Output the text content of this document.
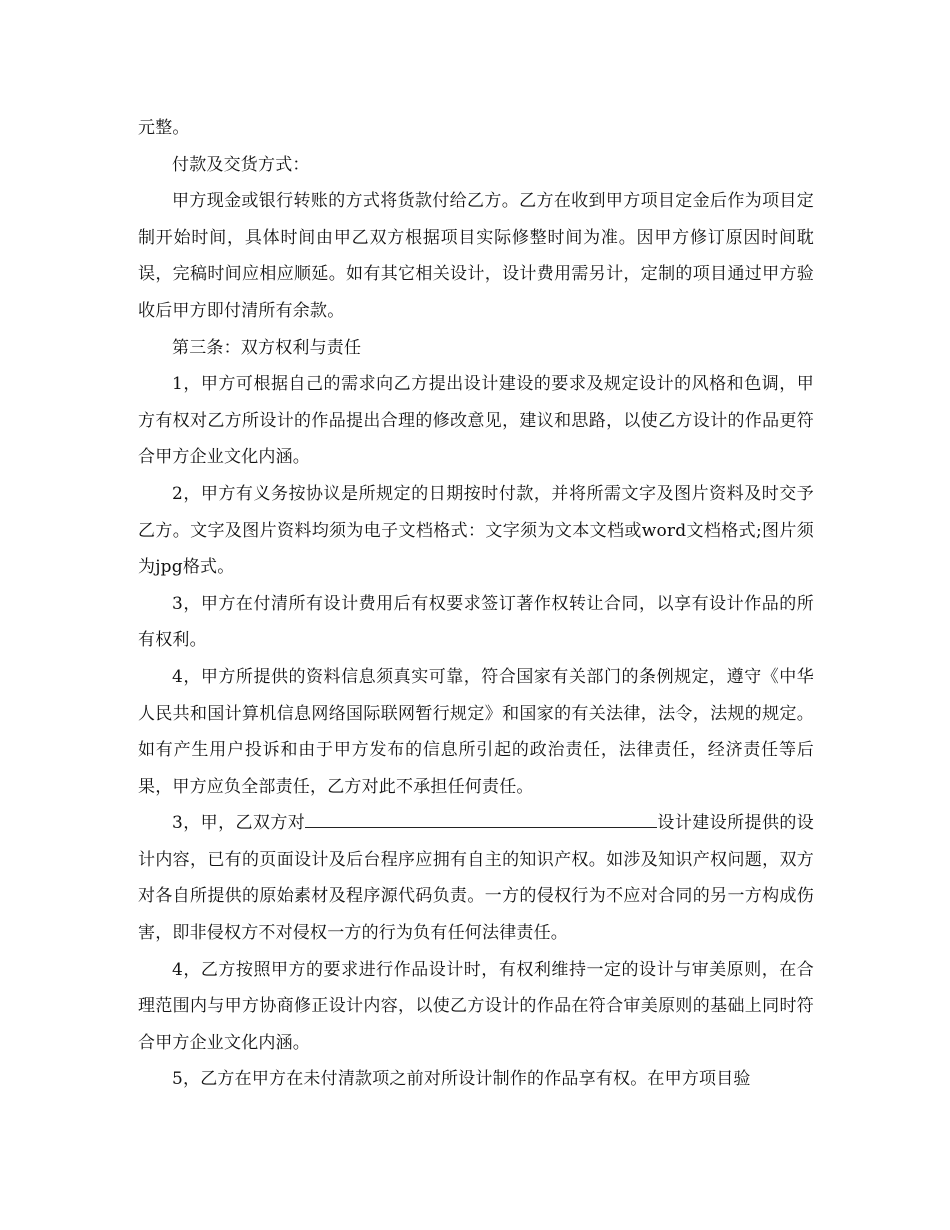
元整。

付款及交货方式：

甲方现金或银行转账的方式将货款付给乙方。乙方在收到甲方项目定金后作为项目定制开始时间，具体时间由甲乙双方根据项目实际修整时间为准。因甲方修订原因时间耽误，完稿时间应相应顺延。如有其它相关设计，设计费用需另计，定制的项目通过甲方验收后甲方即付清所有余款。

第三条：双方权利与责任

1，甲方可根据自己的需求向乙方提出设计建设的要求及规定设计的风格和色调，甲方有权对乙方所设计的作品提出合理的修改意见，建议和思路，以使乙方设计的作品更符合甲方企业文化内涵。

2，甲方有义务按协议是所规定的日期按时付款，并将所需文字及图片资料及时交予乙方。文字及图片资料均须为电子文档格式：文字须为文本文档或word文档格式;图片须为jpg格式。

3，甲方在付清所有设计费用后有权要求签订著作权转让合同，以享有设计作品的所有权利。

4，甲方所提供的资料信息须真实可靠，符合国家有关部门的条例规定，遵守《中华人民共和国计算机信息网络国际联网暂行规定》和国家的有关法律，法令，法规的规定。如有产生用户投诉和由于甲方发布的信息所引起的政治责任，法律责任，经济责任等后果，甲方应负全部责任，乙方对此不承担任何责任。

3，甲，乙双方对	设计建设所提供的设计内容，已有的页面设计及后台程序应拥有自主的知识产权。如涉及知识产权问题，双方对各自所提供的原始素材及程序源代码负责。一方的侵权行为不应对合同的另一方构成伤害，即非侵权方不对侵权一方的行为负有任何法律责任。

4，乙方按照甲方的要求进行作品设计时，有权利维持一定的设计与审美原则，在合理范围内与甲方协商修正设计内容，以使乙方设计的作品在符合审美原则的基础上同时符合甲方企业文化内涵。

5，乙方在甲方在未付清款项之前对所设计制作的作品享有权。在甲方项目验
